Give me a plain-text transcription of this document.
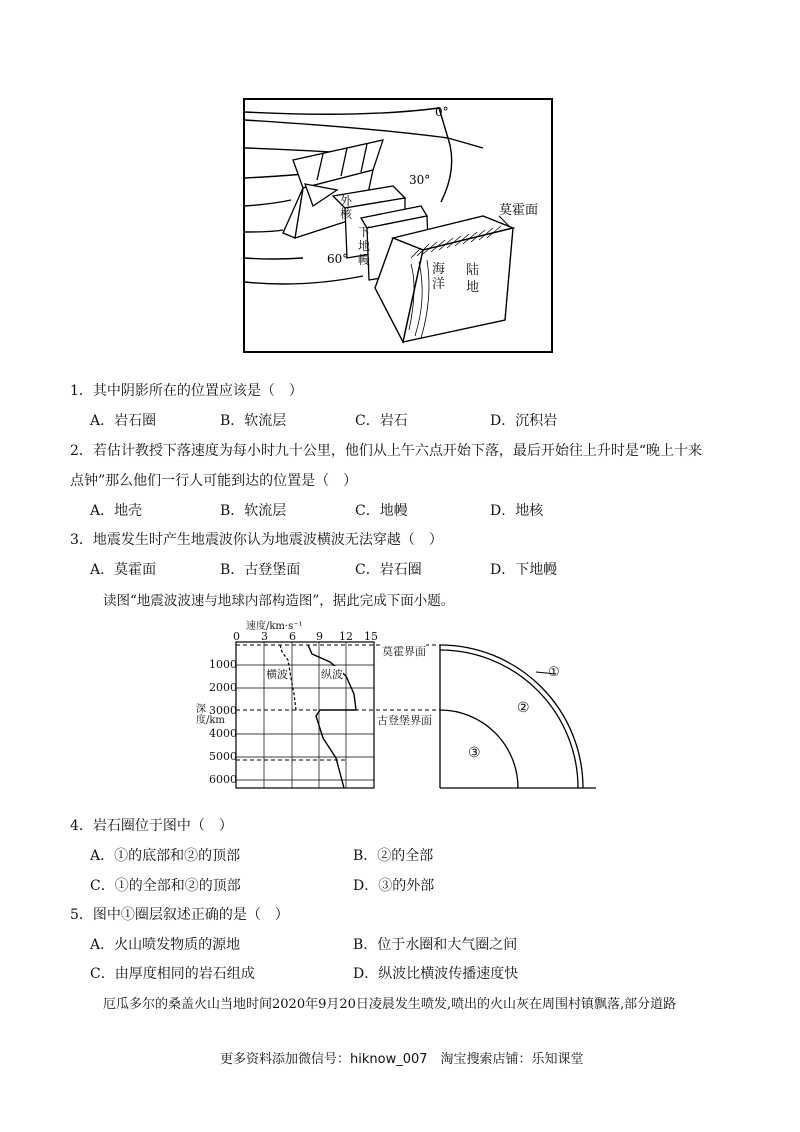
0°
30°
60°
莫霍面
外核
下地幔
海洋
陆地
1．其中阴影所在的位置应该是（　）
A．岩石圈	B．软流层	C．岩石	D．沉积岩
2．若估计教授下落速度为每小时九十公里，他们从上午六点开始下落，最后开始往上升时是“晚上十来
点钟”那么他们一行人可能到达的位置是（　）
A．地壳	B．软流层	C．地幔	D．地核
3．地震发生时产生地震波你认为地震波横波无法穿越（　）
A．莫霍面	B．古登堡面	C．岩石圈	D．下地幔
读图“地震波波速与地球内部构造图”，据此完成下面小题。
速度/km·s⁻¹
0 3 6 9 12 15
1000
2000
3000
4000
5000
6000
深度/km
横波	纵波
莫霍界面
古登堡界面
①
②
③
4．岩石圈位于图中（　）
A．①的底部和②的顶部	B．②的全部
C．①的全部和②的顶部	D．③的外部
5．图中①圈层叙述正确的是（　）
A．火山喷发物质的源地	B．位于水圈和大气圈之间
C．由厚度相同的岩石组成	D．纵波比横波传播速度快
厄瓜多尔的桑盖火山当地时间2020年9月20日凌晨发生喷发,喷出的火山灰在周围村镇飘落,部分道路
更多资料添加微信号：hiknow_007　淘宝搜索店铺：乐知课堂
